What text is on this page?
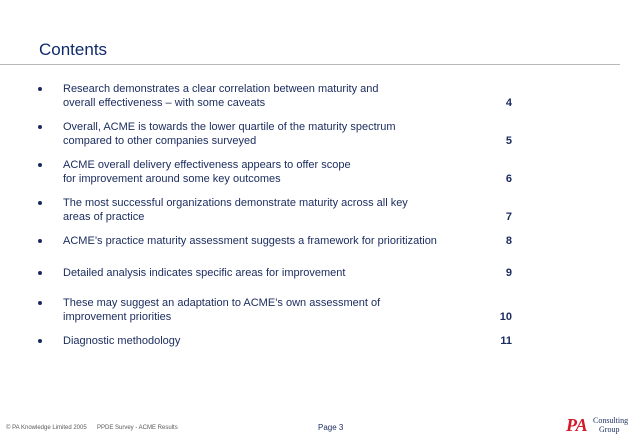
Contents
Research demonstrates a clear correlation between maturity and
overall effectiveness – with some caveats	4
Overall, ACME is towards the lower quartile of the maturity spectrum
compared to other companies surveyed	5
ACME overall delivery effectiveness appears to offer scope
for improvement around some key outcomes	6
The most successful organizations demonstrate maturity across all key
areas of practice	7
ACME’s practice maturity assessment suggests a framework for prioritization	8
Detailed analysis indicates specific areas for improvement	9
These may suggest an adaptation to ACME’s own assessment of
improvement priorities	10
Diagnostic methodology	11
© PA Knowledge Limited 2005 PPDE Survey - ACME Results	Page 3	PA Consulting
Group
